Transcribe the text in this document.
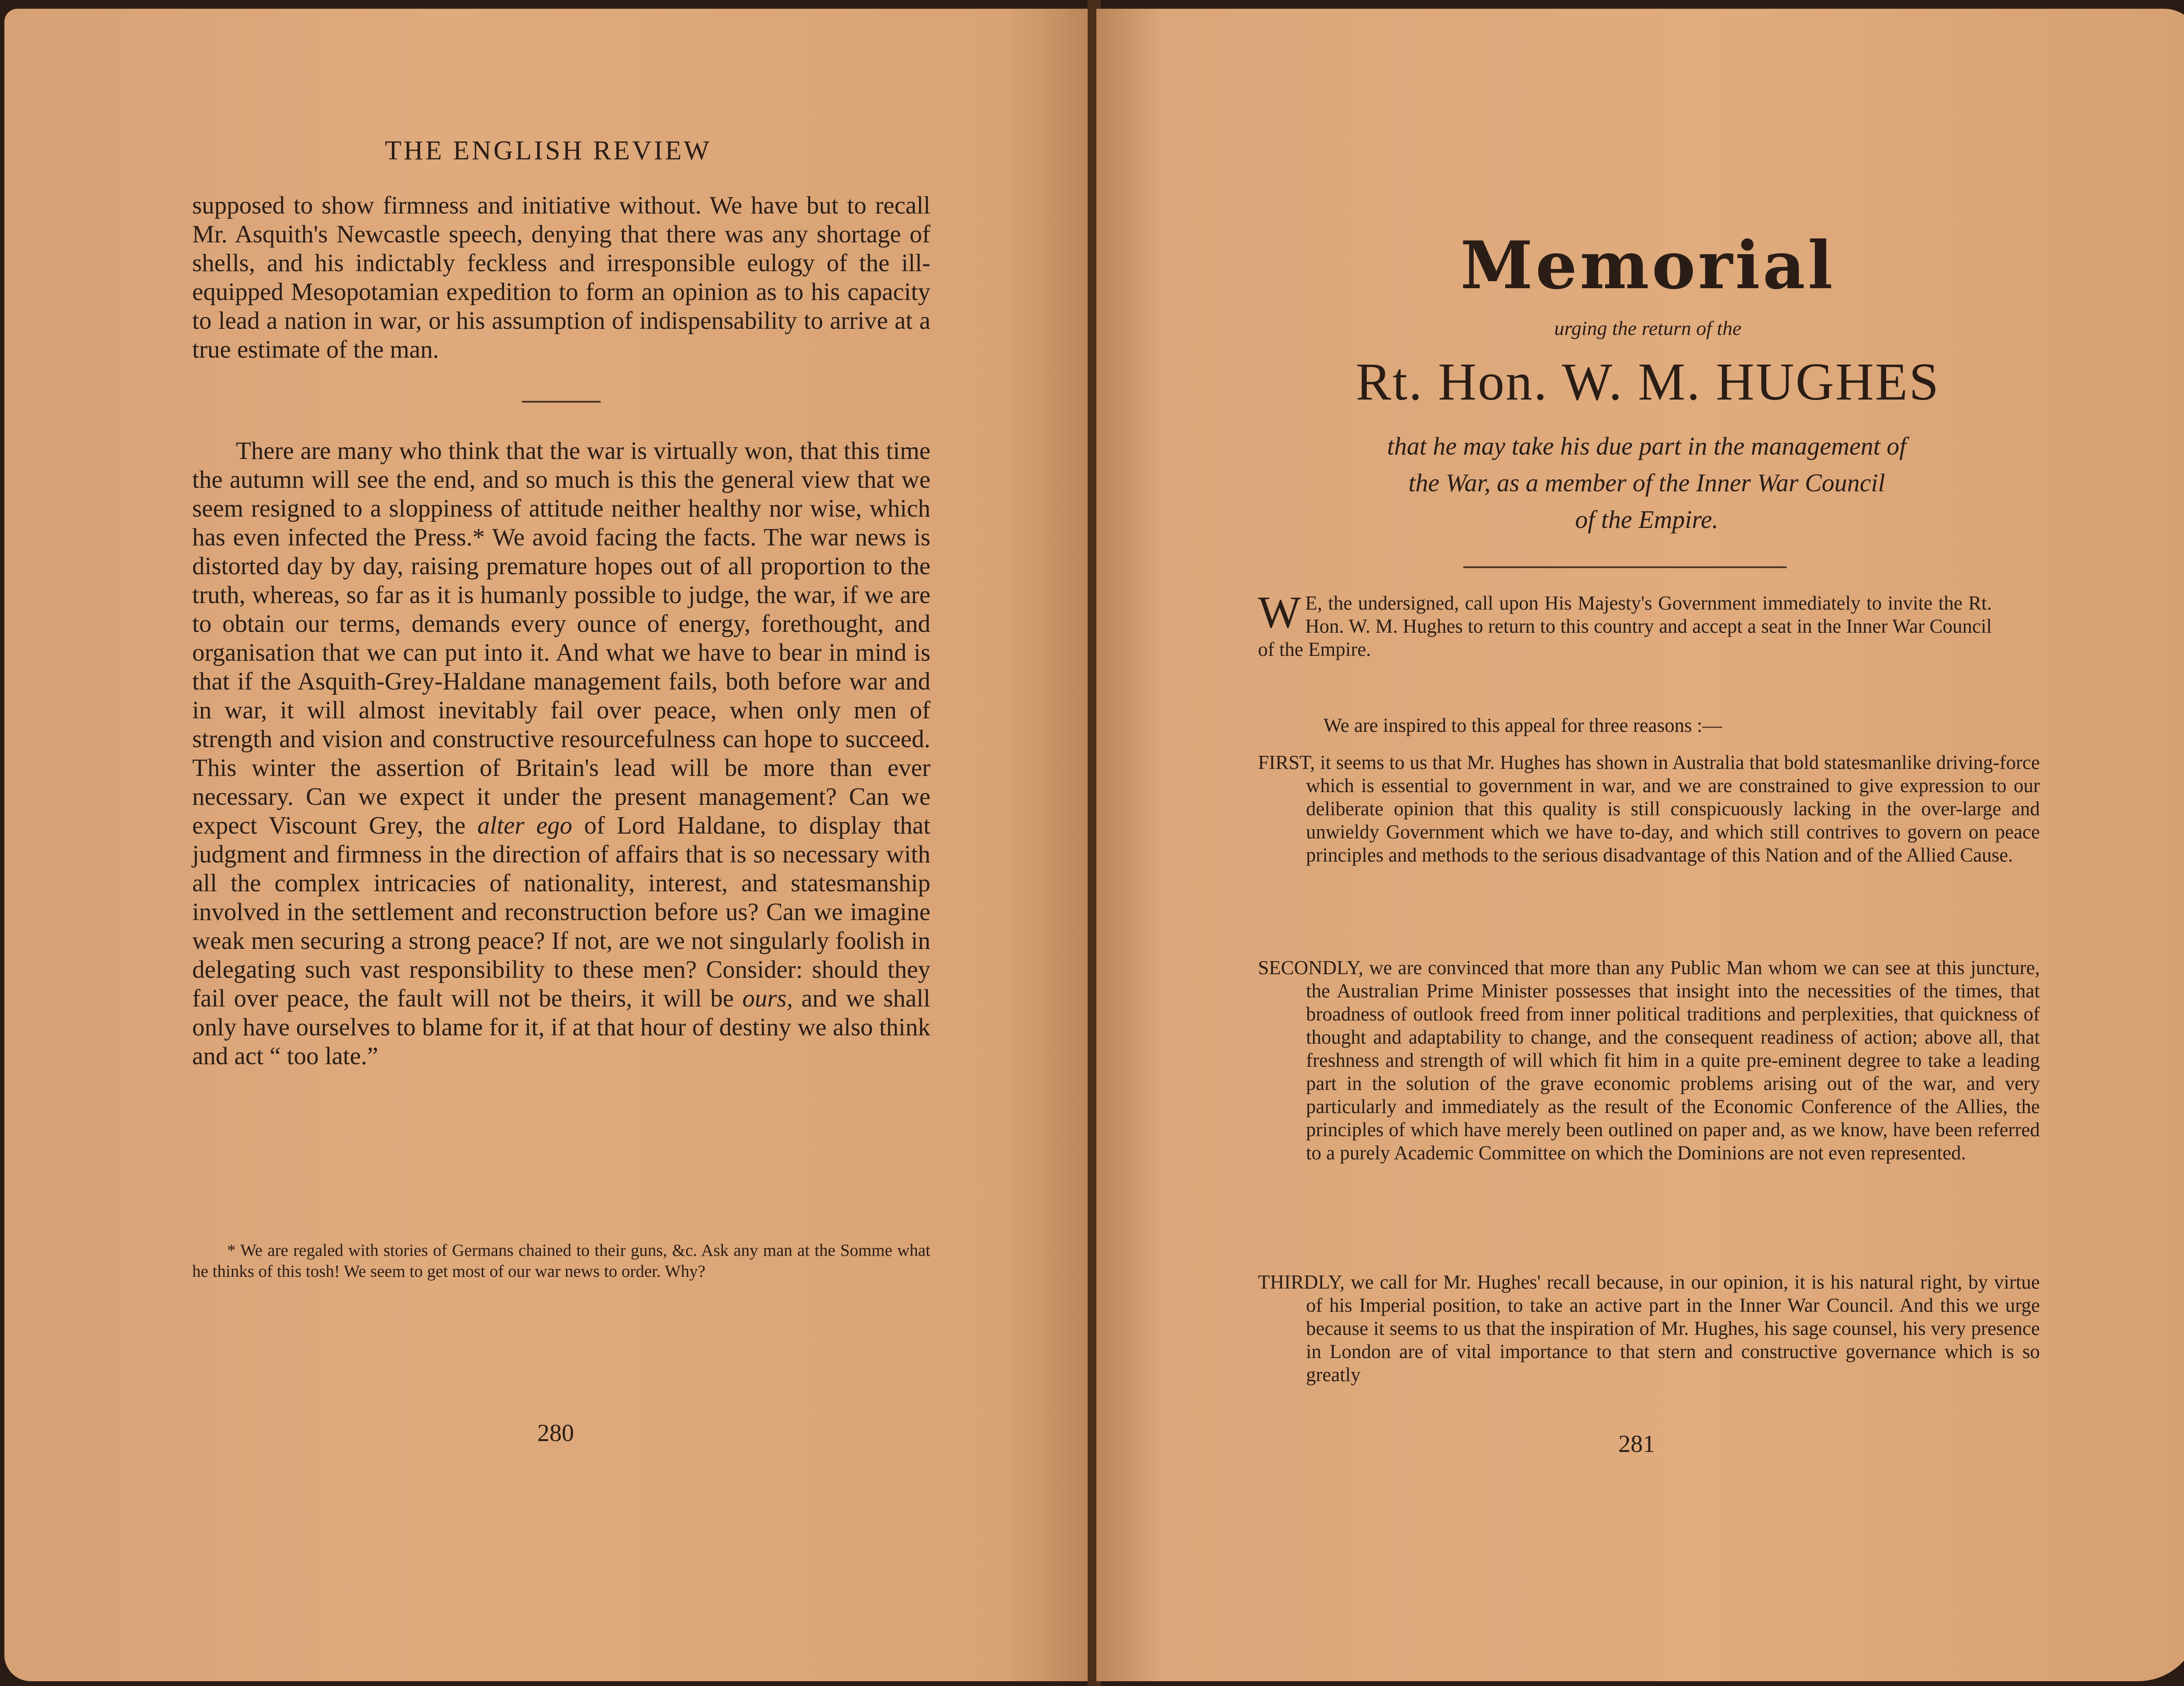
THE ENGLISH REVIEW

supposed to show firmness and initiative without. We have but to recall Mr. Asquith's Newcastle speech, denying that there was any shortage of shells, and his indictably feckless and irresponsible eulogy of the ill-equipped Mesopotamian expedition to form an opinion as to his capacity to lead a nation in war, or his assumption of indispensability to arrive at a true estimate of the man.

There are many who think that the war is virtually won, that this time the autumn will see the end, and so much is this the general view that we seem resigned to a sloppiness of attitude neither healthy nor wise, which has even infected the Press.* We avoid facing the facts. The war news is distorted day by day, raising premature hopes out of all proportion to the truth, whereas, so far as it is humanly possible to judge, the war, if we are to obtain our terms, demands every ounce of energy, forethought, and organisation that we can put into it. And what we have to bear in mind is that if the Asquith-Grey-Haldane management fails, both before war and in war, it will almost inevitably fail over peace, when only men of strength and vision and constructive resourcefulness can hope to succeed. This winter the assertion of Britain's lead will be more than ever necessary. Can we expect it under the present management? Can we expect Viscount Grey, the alter ego of Lord Haldane, to display that judgment and firmness in the direction of affairs that is so necessary with all the complex intricacies of nationality, interest, and statesmanship involved in the settlement and reconstruction before us? Can we imagine weak men securing a strong peace? If not, are we not singularly foolish in delegating such vast responsibility to these men? Consider: should they fail over peace, the fault will not be theirs, it will be ours, and we shall only have ourselves to blame for it, if at that hour of destiny we also think and act “ too late.”

* We are regaled with stories of Germans chained to their guns, &c. Ask any man at the Somme what he thinks of this tosh! We seem to get most of our war news to order. Why?
280
Memorial
urging the return of the
Rt. Hon. W. M. HUGHES
that he may take his due part in the management of
the War, as a member of the Inner War Council
of the Empire.

W E, the undersigned, call upon His Majesty's Government immediately to invite the Rt. Hon. W. M. Hughes to return to this country and accept a seat in the Inner War Council of the Empire.

We are inspired to this appeal for three reasons :—
FIRST, it seems to us that Mr. Hughes has shown in Australia that bold statesmanlike driving-force which is essential to government in war, and we are constrained to give expression to our deliberate opinion that this quality is still conspicuously lacking in the over-large and unwieldy Government which we have to-day, and which still contrives to govern on peace principles and methods to the serious disadvantage of this Nation and of the Allied Cause.
SECONDLY, we are convinced that more than any Public Man whom we can see at this juncture, the Australian Prime Minister possesses that insight into the necessities of the times, that broadness of outlook freed from inner political traditions and perplexities, that quickness of thought and adaptability to change, and the consequent readiness of action; above all, that freshness and strength of will which fit him in a quite pre-eminent degree to take a leading part in the solution of the grave economic problems arising out of the war, and very particularly and immediately as the result of the Economic Conference of the Allies, the principles of which have merely been outlined on paper and, as we know, have been referred to a purely Academic Committee on which the Dominions are not even represented.
THIRDLY, we call for Mr. Hughes' recall because, in our opinion, it is his natural right, by virtue of his Imperial position, to take an active part in the Inner War Council. And this we urge because it seems to us that the inspiration of Mr. Hughes, his sage counsel, his very presence in London are of vital importance to that stern and constructive governance which is so greatly
281
